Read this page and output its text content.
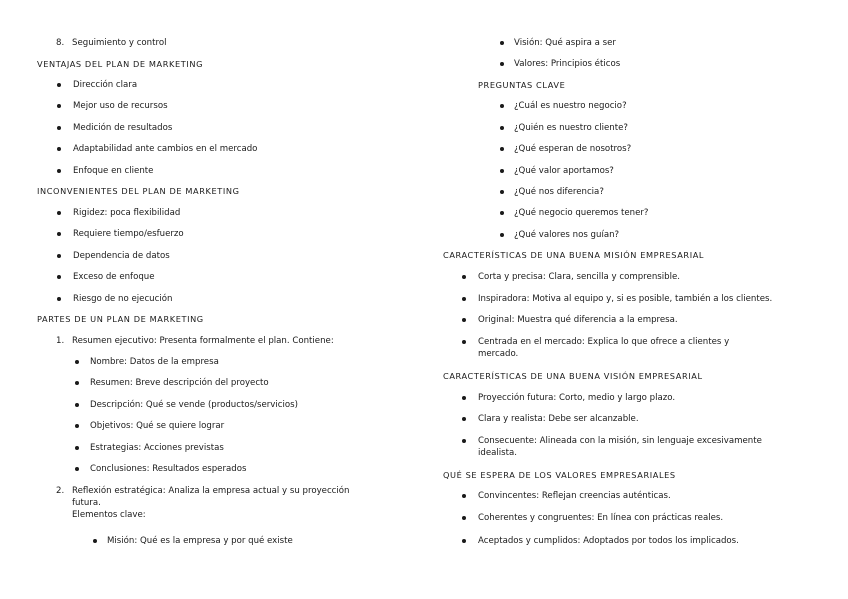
8. Seguimiento y control
VENTAJAS DEL PLAN DE MARKETING
Dirección clara
Mejor uso de recursos
Medición de resultados
Adaptabilidad ante cambios en el mercado
Enfoque en cliente
INCONVENIENTES DEL PLAN DE MARKETING
Rigidez: poca flexibilidad
Requiere tiempo/esfuerzo
Dependencia de datos
Exceso de enfoque
Riesgo de no ejecución
PARTES DE UN PLAN DE MARKETING
1. Resumen ejecutivo: Presenta formalmente el plan. Contiene:
Nombre: Datos de la empresa
Resumen: Breve descripción del proyecto
Descripción: Qué se vende (productos/servicios)
Objetivos: Qué se quiere lograr
Estrategias: Acciones previstas
Conclusiones: Resultados esperados
2. Reflexión estratégica: Analiza la empresa actual y su proyección
futura.
Elementos clave:
Misión: Qué es la empresa y por qué existe
Visión: Qué aspira a ser
Valores: Principios éticos
PREGUNTAS CLAVE
¿Cuál es nuestro negocio?
¿Quién es nuestro cliente?
¿Qué esperan de nosotros?
¿Qué valor aportamos?
¿Qué nos diferencia?
¿Qué negocio queremos tener?
¿Qué valores nos guían?
CARACTERÍSTICAS DE UNA BUENA MISIÓN EMPRESARIAL
Corta y precisa: Clara, sencilla y comprensible.
Inspiradora: Motiva al equipo y, si es posible, también a los clientes.
Original: Muestra qué diferencia a la empresa.
Centrada en el mercado: Explica lo que ofrece a clientes y
mercado.
CARACTERÍSTICAS DE UNA BUENA VISIÓN EMPRESARIAL
Proyección futura: Corto, medio y largo plazo.
Clara y realista: Debe ser alcanzable.
Consecuente: Alineada con la misión, sin lenguaje excesivamente
idealista.
QUÉ SE ESPERA DE LOS VALORES EMPRESARIALES
Convincentes: Reflejan creencias auténticas.
Coherentes y congruentes: En línea con prácticas reales.
Aceptados y cumplidos: Adoptados por todos los implicados.
